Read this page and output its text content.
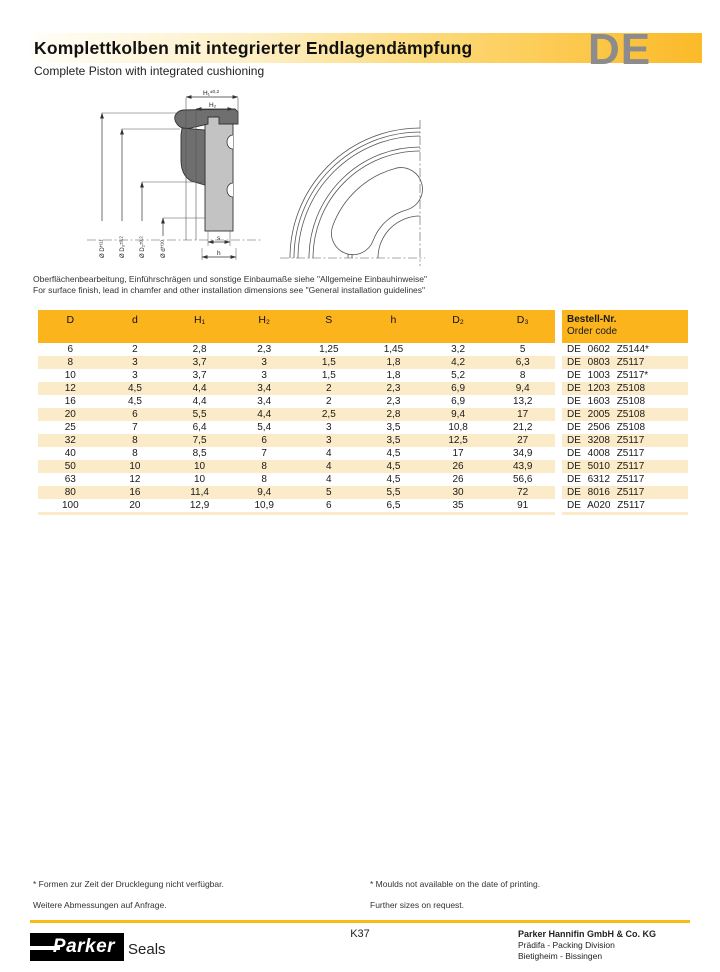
Komplettkolben mit integrierter Endlagendämpfung	DE
Complete Piston with integrated cushioning
H₁$^{\pm 0,2}$
H₂
Ø $D^{H11}$
Ø D₃$^{\pm 0,2}$
Ø D₂$^{\pm 0,2}$
Ø $d^{H10}$
s
h
Oberflächenbearbeitung, Einführschrägen und sonstige Einbaumaße siehe "Allgemeine Einbauhinweise"
For surface finish, lead in chamfer and other installation dimensions see "General installation guidelines"
D	d	H₁	H₂	S	h	D₂	D₃	Bestell-Nr.
Order code
6	2	2,8	2,3	1,25	1,45	3,2	5	DE 0602 Z5144*
8	3	3,7	3	1,5	1,8	4,2	6,3	DE 0803 Z5117
10	3	3,7	3	1,5	1,8	5,2	8	DE 1003 Z5117*
12	4,5	4,4	3,4	2	2,3	6,9	9,4	DE 1203 Z5108
16	4,5	4,4	3,4	2	2,3	6,9	13,2	DE 1603 Z5108
20	6	5,5	4,4	2,5	2,8	9,4	17	DE 2005 Z5108
25	7	6,4	5,4	3	3,5	10,8	21,2	DE 2506 Z5108
32	8	7,5	6	3	3,5	12,5	27	DE 3208 Z5117
40	8	8,5	7	4	4,5	17	34,9	DE 4008 Z5117
50	10	10	8	4	4,5	26	43,9	DE 5010 Z5117
63	12	10	8	4	4,5	26	56,6	DE 6312 Z5117
80	16	11,4	9,4	5	5,5	30	72	DE 8016 Z5117
100	20	12,9	10,9	6	6,5	35	91	DE A020 Z5117
* Formen zur Zeit der Drucklegung nicht verfügbar.
Weitere Abmessungen auf Anfrage.
* Moulds not available on the date of printing.
Further sizes on request.
Parker Seals
K37	Parker Hannifin GmbH & Co. KG
Prädifa - Packing Division
Bietigheim - Bissingen
